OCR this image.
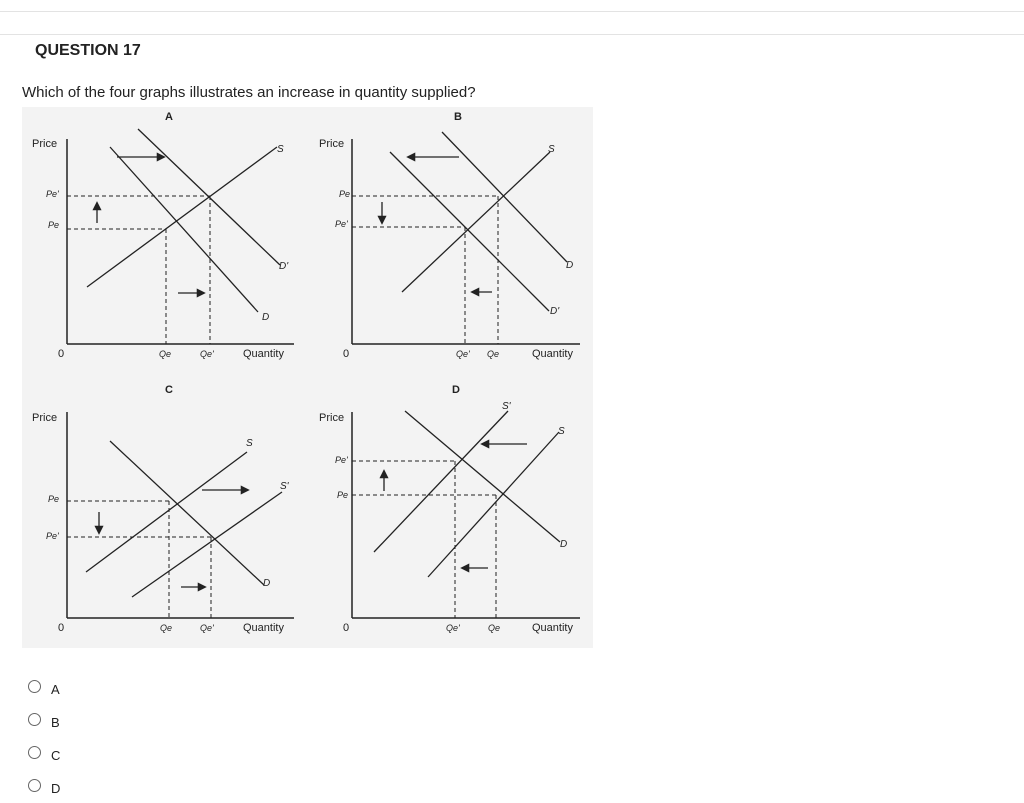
QUESTION 17
Which of the four graphs illustrates an increase in quantity supplied?
A
Price
0	Quantity
S
D
D'
Pe'
Pe
Qe	Qe'
B
Price
0	Quantity
S
D
D'
Pe
Pe'
Qe' Qe
C
Price
0	Quantity
S
S'
D
Pe
Pe'
Qe	Qe'
D
Price
0	Quantity
S'
S
D
Pe'
Pe
Qe'	Qe
A
B
C
D
